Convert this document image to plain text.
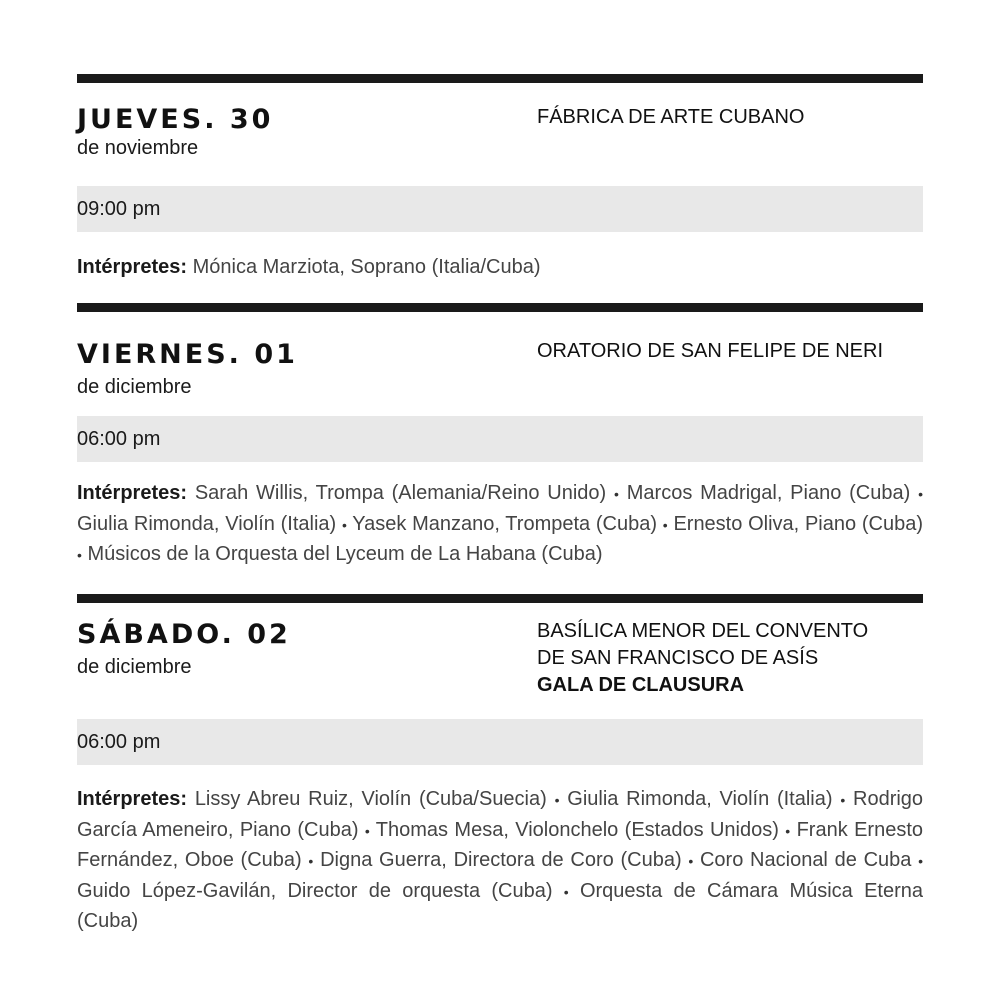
JUEVES. 30
de noviembre
FÁBRICA DE ARTE CUBANO
09:00 pm
Intérpretes: Mónica Marziota, Soprano (Italia/Cuba)
VIERNES. 01
de diciembre
ORATORIO DE SAN FELIPE DE NERI
06:00 pm
Intérpretes: Sarah Willis, Trompa (Alemania/Reino Unido) • Marcos Madrigal, Piano (Cuba) • Giulia Rimonda, Violín (Italia) • Yasek Manzano, Trompeta (Cuba) • Ernesto Oliva, Piano (Cuba) • Músicos de la Orquesta del Lyceum de La Habana (Cuba)
SÁBADO. 02
de diciembre
BASÍLICA MENOR DEL CONVENTO
DE SAN FRANCISCO DE ASÍS
GALA DE CLAUSURA
06:00 pm
Intérpretes: Lissy Abreu Ruiz, Violín (Cuba/Suecia) • Giulia Rimonda, Violín (Italia) • Rodrigo García Ameneiro, Piano (Cuba) • Thomas Mesa, Violonchelo (Estados Unidos) • Frank Ernesto Fernández, Oboe (Cuba) • Digna Guerra, Directora de Coro (Cuba) • Coro Nacional de Cuba • Guido López-Gavilán, Director de orquesta (Cuba) • Orquesta de Cámara Música Eterna (Cuba)
